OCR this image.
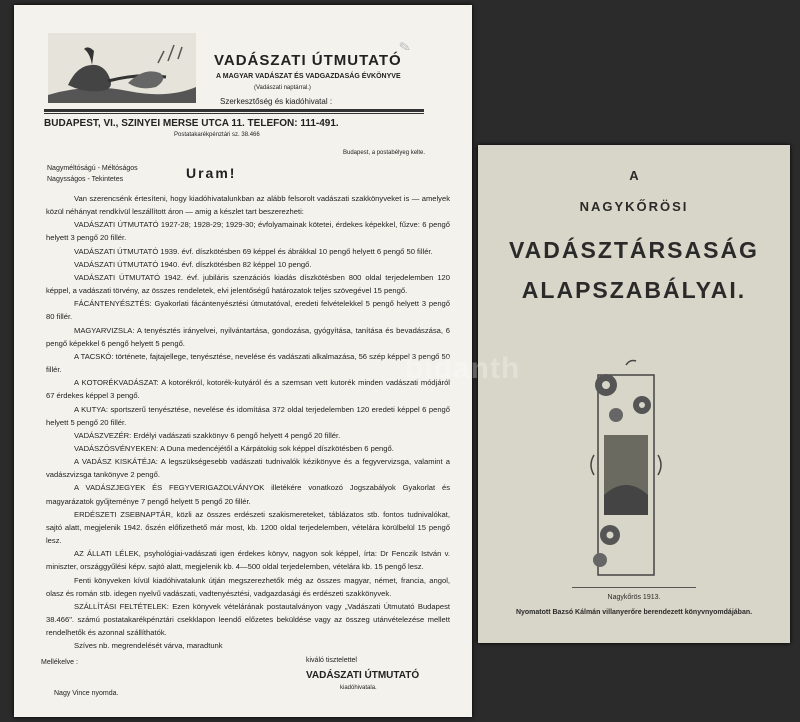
VADÁSZATI ÚTMUTATÓ
A MAGYAR VADÁSZAT ÉS VADGAZDASÁG ÉVKÖNYVE
(Vadászati naptárral.)
Szerkesztőség és kiadóhivatal :
✎
BUDAPEST, VI., SZINYEI MERSE UTCA 11. TELEFON: 111-491.
Postatakarékpénztári sz. 38.466
Budapest, a postabélyeg kelte.
Nagyméltóságú - Méltóságos
Nagysságos - Tekintetes	Uram!

Van szerencsénk értesíteni, hogy kiadóhivatalunkban az alább felsorolt vadászati szakkönyveket is — amelyek közül néhányat rendkívül leszállított áron — amig a készlet tart beszerezheti:

VADÁSZATI ÚTMUTATÓ 1927-28; 1928-29; 1929-30; évfolyamainak kötetei, érdekes képekkel, fűzve: 6 pengő helyett 3 pengő 20 fillér.

VADÁSZATI ÚTMUTATÓ 1939. évf. díszkötésben 69 képpel és ábrákkal 10 pengő helyett 6 pengő 50 fillér.

VADÁSZATI ÚTMUTATÓ 1940. évf. díszkötésben 82 képpel 10 pengő.

VADÁSZATI ÚTMUTATÓ 1942. évf. jubiláris szenzációs kiadás díszkötésben 800 oldal terjedelemben 120 képpel, a vadászati törvény, az összes rendeletek, elvi jelentőségű határozatok teljes szövegével 15 pengő.

FÁCÁNTENYÉSZTÉS: Gyakorlati fácántenyésztési útmutatóval, eredeti felvételekkel 5 pengő helyett 3 pengő 80 fillér.

MAGYARVIZSLA: A tenyésztés irányelvei, nyilvántartása, gondozása, gyógyítása, tanítása és bevadászása, 6 pengő képekkel 6 pengő helyett 5 pengő.

A TACSKÓ: története, fajtajellege, tenyésztése, nevelése és vadászati alkalmazása, 56 szép képpel 3 pengő 50 fillér.

A KOTORÉKVADÁSZAT: A kotorékról, kotorék-kutyáról és a szemsan vett kutorék minden vadászati módjáról 67 érdekes képpel 3 pengő.

A KUTYA: sportszerű tenyésztése, nevelése és idomítása 372 oldal terjedelemben 120 eredeti képpel 6 pengő helyett 5 pengő 20 fillér.

VADÁSZVEZÉR: Erdélyi vadászati szakkönyv 6 pengő helyett 4 pengő 20 fillér.

VADÁSZÖSVÉNYEKEN: A Duna medencéjétől a Kárpátokig sok képpel díszkötésben 6 pengő.

A VADÁSZ KISKÁTÉJA: A legszükségesebb vadászati tudnivalók kézikönyve és a fegyvervizsga, valamint a vadászvizsga tankönyve 2 pengő.

A VADÁSZJEGYEK ÉS FEGYVERIGAZOLVÁNYOK illetékére vonatkozó Jogszabályok Gyakorlat és magyarázatok gyűjteménye 7 pengő helyett 5 pengő 20 fillér.

ERDÉSZETI ZSEBNAPTÁR, közli az összes erdészeti szakismereteket, táblázatos stb. fontos tudnivalókat, sajtó alatt, megjelenik 1942. őszén előfizethető már most, kb. 1200 oldal terjedelemben, vételára körülbelül 15 pengő lesz.

AZ ÁLLATI LÉLEK, psyhológiai-vadászati igen érdekes könyv, nagyon sok képpel, írta: Dr Fenczik István v. miniszter, országgyűlési képv. sajtó alatt, megjelenik kb. 4—500 oldal terjedelemben, vételára kb. 15 pengő lesz.

Fenti könyveken kívül kiadóhivatalunk útján megszerezhetők még az összes magyar, német, francia, angol, olasz és román stb. idegen nyelvű vadászati, vadtenyésztési, vadgazdasági és erdészeti szakkönyvek.

SZÁLLÍTÁSI FELTÉTELEK: Ezen könyvek vételárának postautalványon vagy „Vadászati Útmutató Budapest 38.466". számú postatakarékpénztári csekklapon leendő előzetes beküldése vagy az összeg utánvételezése mellett rendelhetők és azonnal szállíthatók.

Szíves nb. megrendelését várva, maradtunk

Mellékelve :	kiváló tisztelettel
VADÁSZATI ÚTMUTATÓ
kiadóhivatala.
Nagy Vince nyomda.
A
NAGYKŐRÖSI
VADÁSZTÁRSASÁG
ALAPSZABÁLYAI.
Nagykőrös 1913.
Nyomatott Bazsó Kálmán villanyerőre berendezett könyvnyomdájában.
bidanth
